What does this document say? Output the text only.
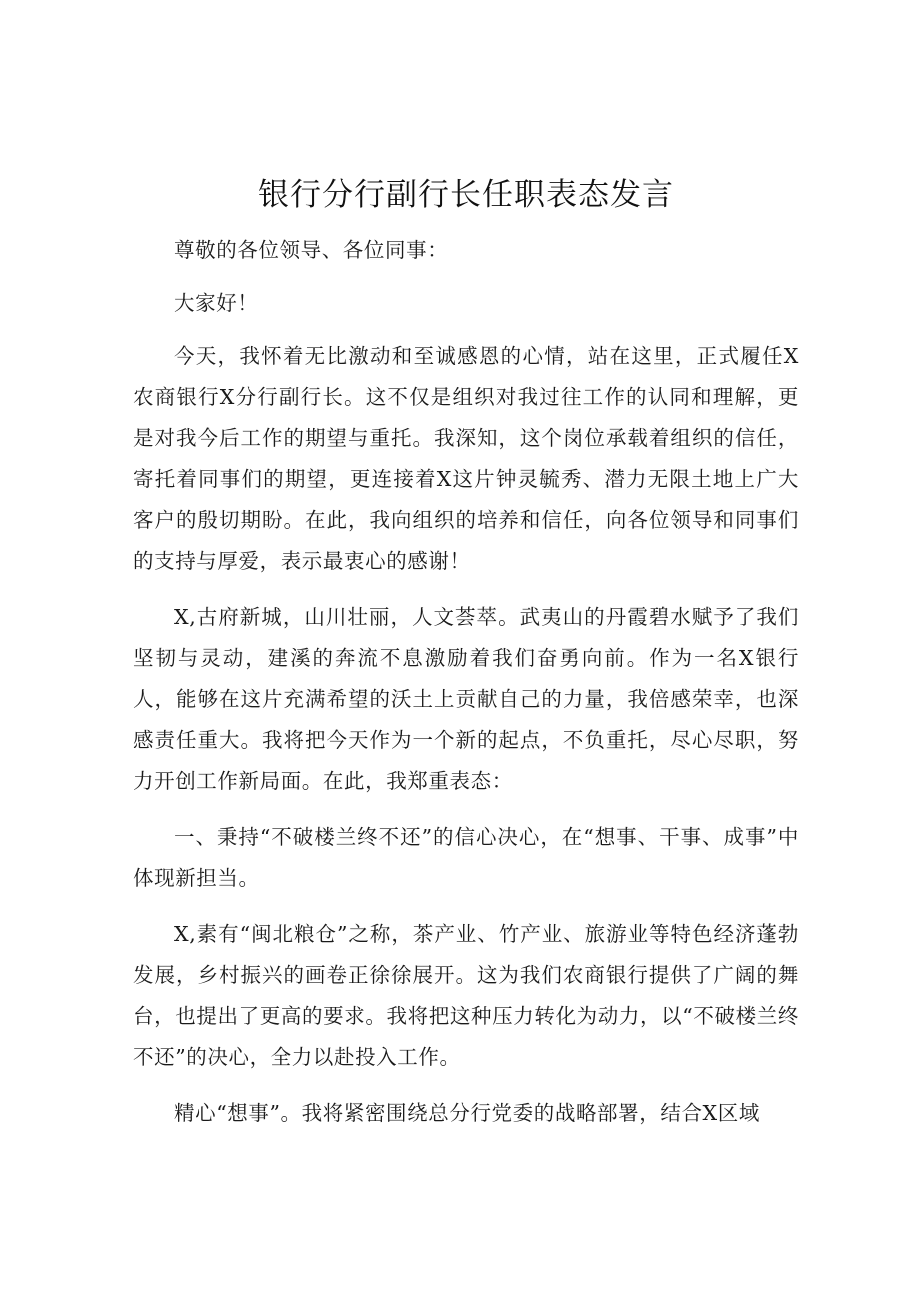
银行分行副行长任职表态发言

尊敬的各位领导、各位同事：

大家好！

今天，我怀着无比激动和至诚感恩的心情，站在这里，正式履任X农商银行X分行副行长。这不仅是组织对我过往工作的认同和理解，更是对我今后工作的期望与重托。我深知，这个岗位承载着组织的信任，寄托着同事们的期望，更连接着X这片钟灵毓秀、潜力无限土地上广大客户的殷切期盼。在此，我向组织的培养和信任，向各位领导和同事们的支持与厚爱，表示最衷心的感谢！

X,古府新城，山川壮丽，人文荟萃。武夷山的丹霞碧水赋予了我们坚韧与灵动，建溪的奔流不息激励着我们奋勇向前。作为一名X银行人，能够在这片充满希望的沃土上贡献自己的力量，我倍感荣幸，也深感责任重大。我将把今天作为一个新的起点，不负重托，尽心尽职，努力开创工作新局面。在此，我郑重表态：

一、秉持“不破楼兰终不还”的信心决心，在“想事、干事、成事”中体现新担当。

X,素有“闽北粮仓”之称，茶产业、竹产业、旅游业等特色经济蓬勃发展，乡村振兴的画卷正徐徐展开。这为我们农商银行提供了广阔的舞台，也提出了更高的要求。我将把这种压力转化为动力，以“不破楼兰终不还”的决心，全力以赴投入工作。

精心“想事”。我将紧密围绕总分行党委的战略部署，结合X区域
